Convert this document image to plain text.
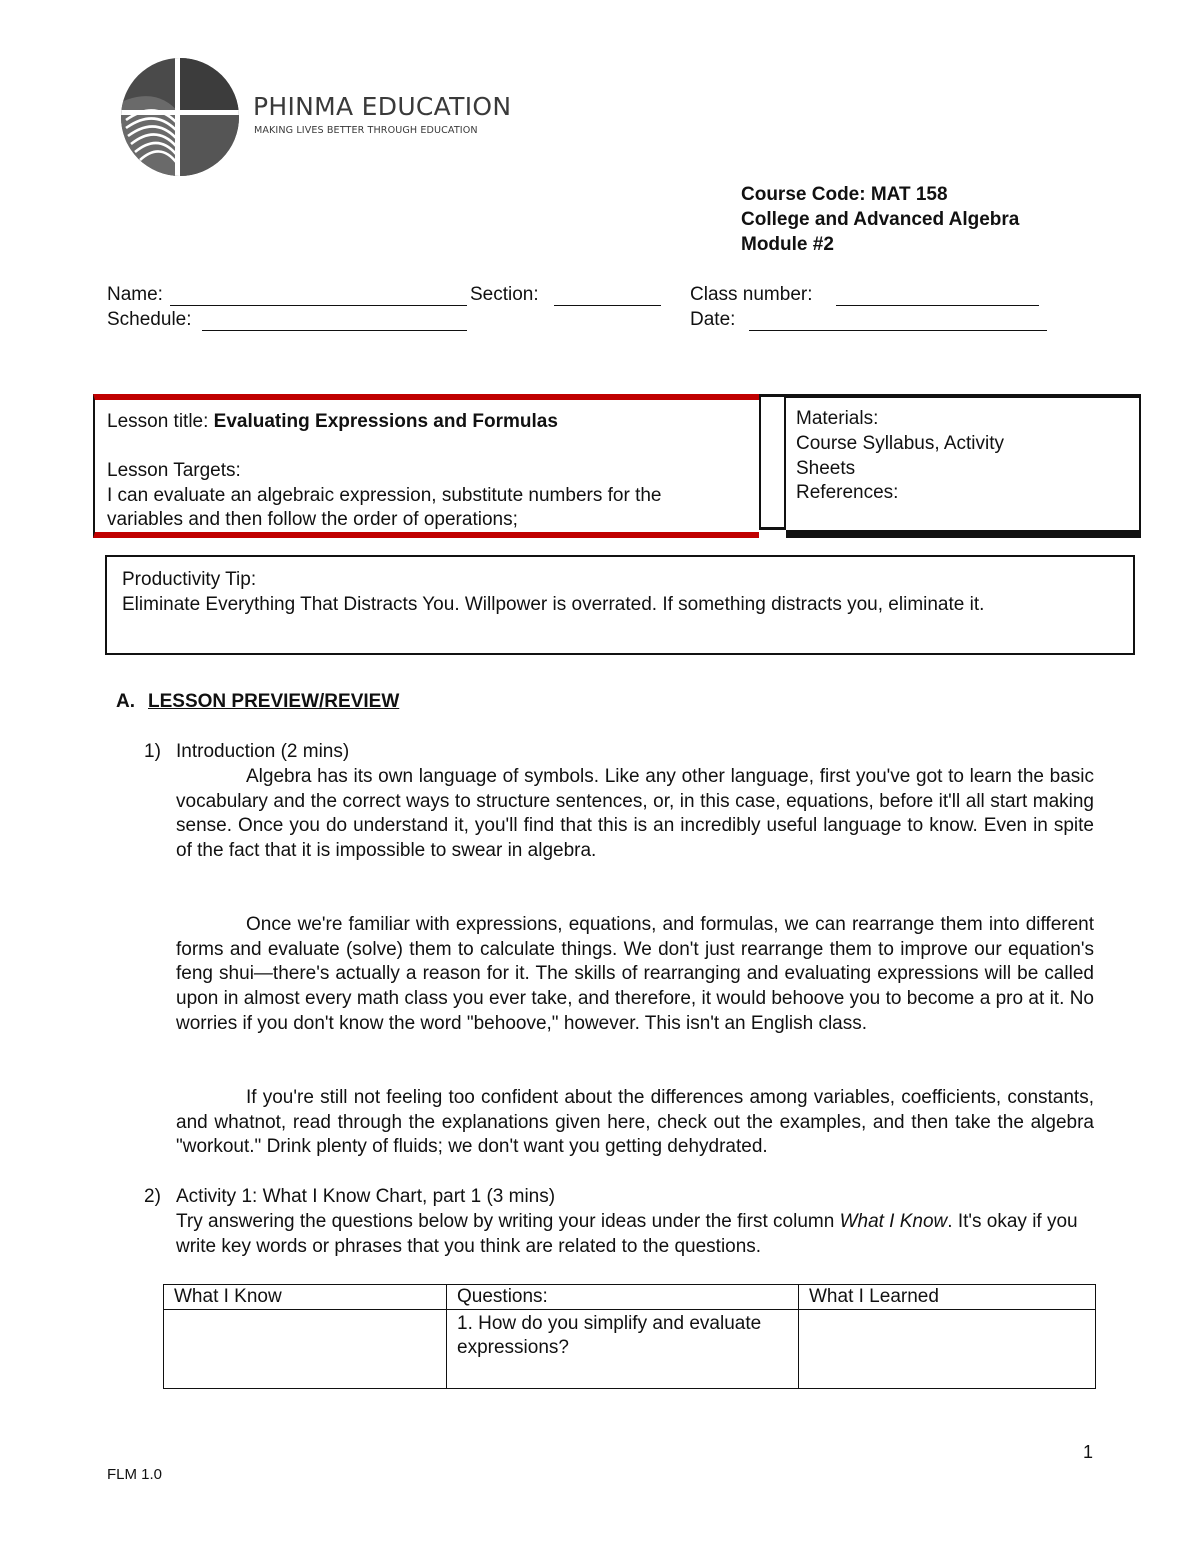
PHINMA EDUCATION
MAKING LIVES BETTER THROUGH EDUCATION
Course Code: MAT 158
College and Advanced Algebra
Module #2
Name:	Section:	Class number:
Schedule:	Date:
Lesson title: Evaluating Expressions and Formulas
Lesson Targets:
I can evaluate an algebraic expression, substitute numbers for the
variables and then follow the order of operations;
Materials:
Course Syllabus, Activity
Sheets
References:
Productivity Tip:
Eliminate Everything That Distracts You. Willpower is overrated. If something distracts you, eliminate it.
A. LESSON PREVIEW/REVIEW
1) Introduction (2 mins)

Algebra has its own language of symbols. Like any other language, first you've got to learn the basic vocabulary and the correct ways to structure sentences, or, in this case, equations, before it'll all start making sense. Once you do understand it, you'll find that this is an incredibly useful language to know. Even in spite of the fact that it is impossible to swear in algebra.

Once we're familiar with expressions, equations, and formulas, we can rearrange them into different forms and evaluate (solve) them to calculate things. We don't just rearrange them to improve our equation's feng shui—there's actually a reason for it. The skills of rearranging and evaluating expressions will be called upon in almost every math class you ever take, and therefore, it would behoove you to become a pro at it. No worries if you don't know the word "behoove," however. This isn't an English class.

If you're still not feeling too confident about the differences among variables, coefficients, constants, and whatnot, read through the explanations given here, check out the examples, and then take the algebra "workout." Drink plenty of fluids; we don't want you getting dehydrated.

2) Activity 1: What I Know Chart, part 1 (3 mins)

Try answering the questions below by writing your ideas under the first column What I Know. It's okay if you write key words or phrases that you think are related to the questions.

What I Know	Questions:	What I Learned
	1. How do you simplify and evaluate expressions?	
1
FLM 1.0
